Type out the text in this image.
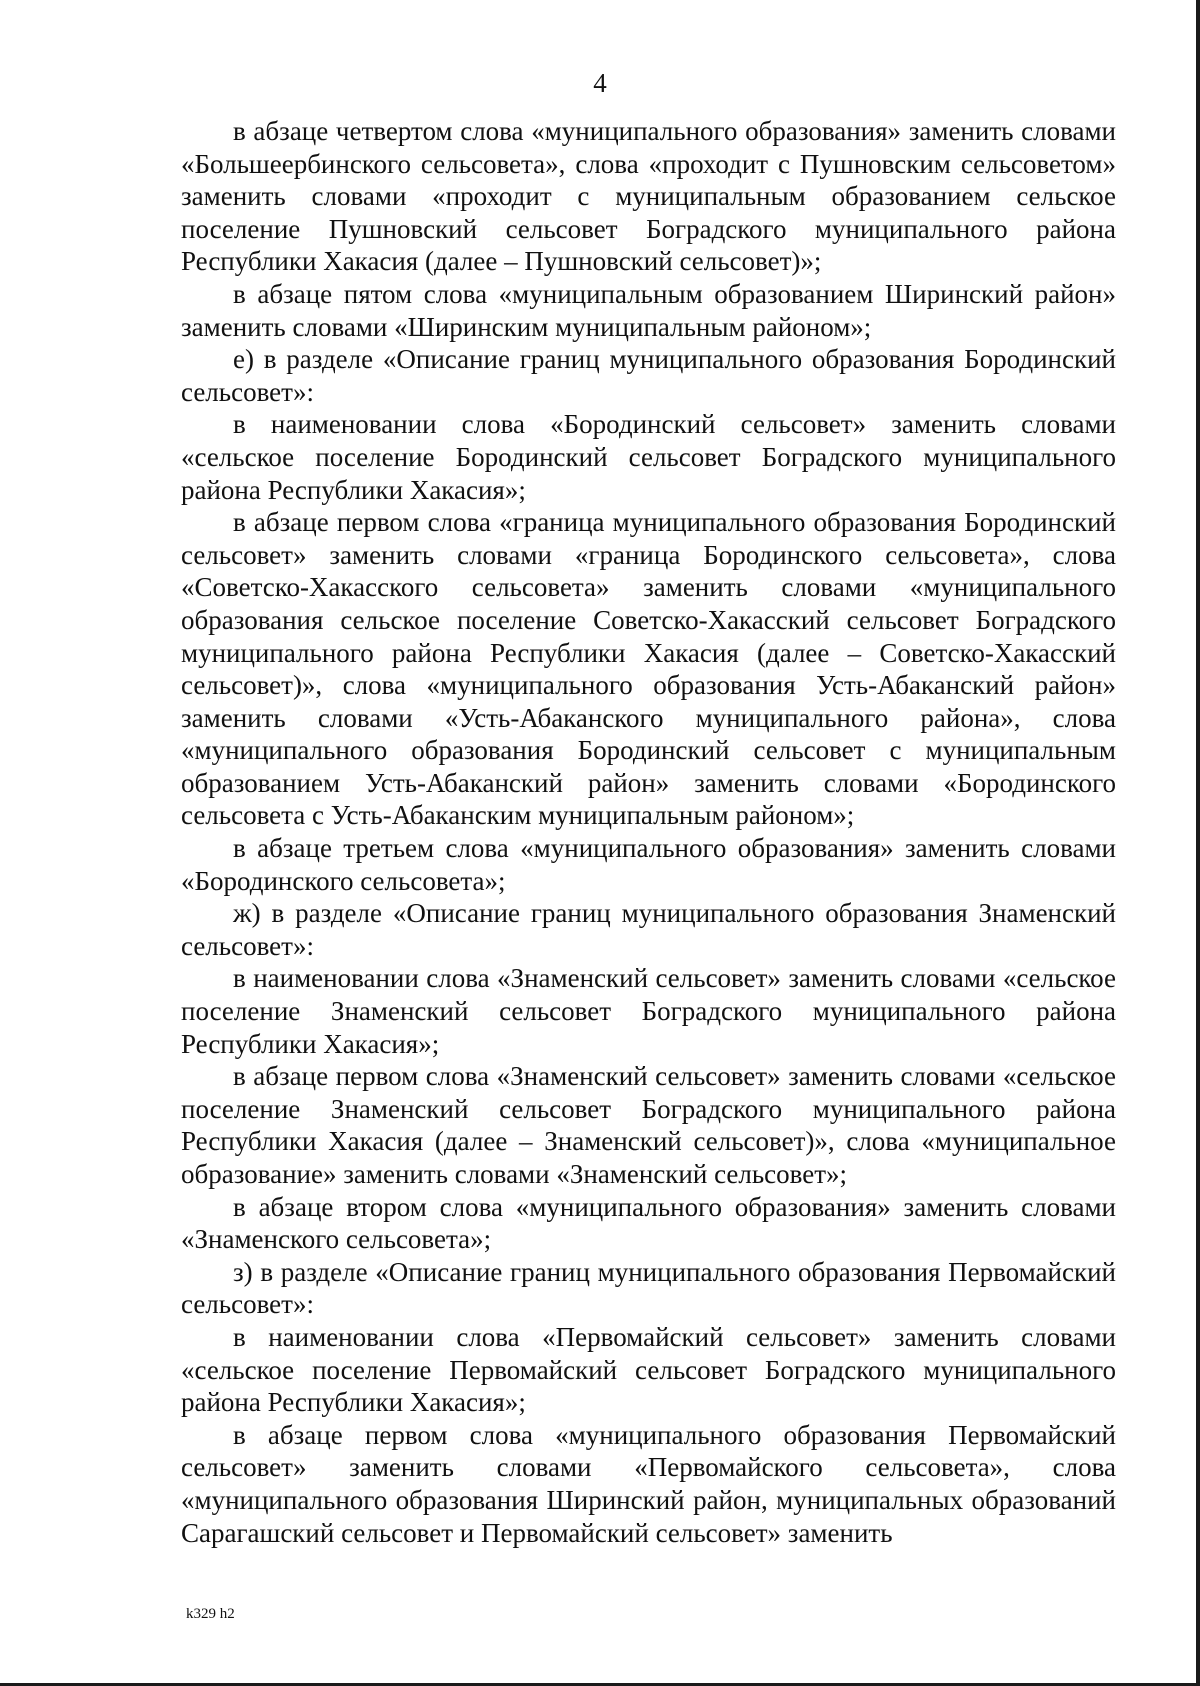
4

в абзаце четвертом слова «муниципального образования» заменить словами «Большеербинского сельсовета», слова «проходит с Пушновским сельсоветом» заменить словами «проходит с муниципальным образованием сельское поселение Пушновский сельсовет Боградского муниципального района Республики Хакасия (далее – Пушновский сельсовет)»;

в абзаце пятом слова «муниципальным образованием Ширинский район» заменить словами «Ширинским муниципальным районом»;

е) в разделе «Описание границ муниципального образования Бородинский сельсовет»:

в наименовании слова «Бородинский сельсовет» заменить словами «сельское поселение Бородинский сельсовет Боградского муниципального района Республики Хакасия»;

в абзаце первом слова «граница муниципального образования Бородинский сельсовет» заменить словами «граница Бородинского сельсовета», слова «Советско-Хакасского сельсовета» заменить словами «муниципального образования сельское поселение Советско-Хакасский сельсовет Боградского муниципального района Республики Хакасия (далее – Советско-Хакасский сельсовет)», слова «муниципального образования Усть-Абаканский район» заменить словами «Усть-Абаканского муниципального района», слова «муниципального образования Бородинский сельсовет с муниципальным образованием Усть-Абаканский район» заменить словами «Бородинского сельсовета с Усть-Абаканским муниципальным районом»;

в абзаце третьем слова «муниципального образования» заменить словами «Бородинского сельсовета»;

ж) в разделе «Описание границ муниципального образования Знаменский сельсовет»:

в наименовании слова «Знаменский сельсовет» заменить словами «сельское поселение Знаменский сельсовет Боградского муниципального района Республики Хакасия»;

в абзаце первом слова «Знаменский сельсовет» заменить словами «сельское поселение Знаменский сельсовет Боградского муниципального района Республики Хакасия (далее – Знаменский сельсовет)», слова «муниципальное образование» заменить словами «Знаменский сельсовет»;

в абзаце втором слова «муниципального образования» заменить словами «Знаменского сельсовета»;

з) в разделе «Описание границ муниципального образования Первомайский сельсовет»:

в наименовании слова «Первомайский сельсовет» заменить словами «сельское поселение Первомайский сельсовет Боградского муниципального района Республики Хакасия»;

в абзаце первом слова «муниципального образования Первомайский сельсовет» заменить словами «Первомайского сельсовета», слова «муниципального образования Ширинский район, муниципальных образований Сарагашский сельсовет и Первомайский сельсовет» заменить

k329 h2
